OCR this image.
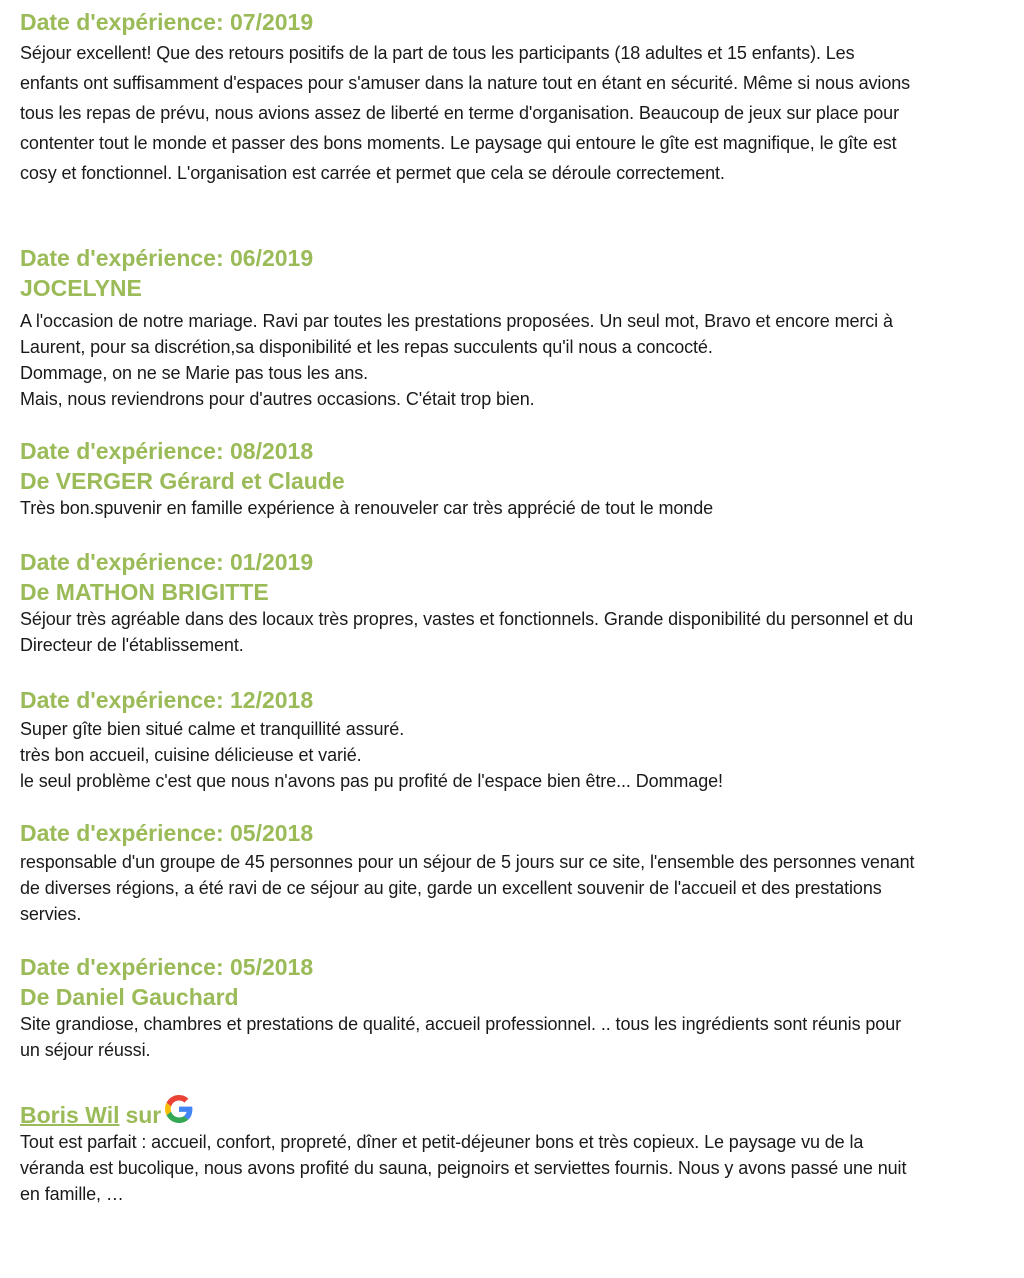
Date d'expérience: 07/2019
Séjour excellent! Que des retours positifs de la part de tous les participants (18 adultes et 15 enfants). Les
enfants ont suffisamment d'espaces pour s'amuser dans la nature tout en étant en sécurité. Même si nous avions
tous les repas de prévu, nous avions assez de liberté en terme d'organisation. Beaucoup de jeux sur place pour
contenter tout le monde et passer des bons moments. Le paysage qui entoure le gîte est magnifique, le gîte est
cosy et fonctionnel. L'organisation est carrée et permet que cela se déroule correctement.
Date d'expérience: 06/2019
JOCELYNE
A l'occasion de notre mariage. Ravi par toutes les prestations proposées. Un seul mot, Bravo et encore merci à
Laurent, pour sa discrétion,sa disponibilité et les repas succulents qu'il nous a concocté.
Dommage, on ne se Marie pas tous les ans.
Mais, nous reviendrons pour d'autres occasions. C'était trop bien.
Date d'expérience: 08/2018
De VERGER Gérard et Claude
Très bon.spuvenir en famille expérience à renouveler car très apprécié de tout le monde
Date d'expérience: 01/2019
De MATHON BRIGITTE
Séjour très agréable dans des locaux très propres, vastes et fonctionnels. Grande disponibilité du personnel et du
Directeur de l'établissement.
Date d'expérience: 12/2018
Super gîte bien situé calme et tranquillité assuré.
très bon accueil, cuisine délicieuse et varié.
le seul problème c'est que nous n'avons pas pu profité de l'espace bien être... Dommage!
Date d'expérience: 05/2018
responsable d'un groupe de 45 personnes pour un séjour de 5 jours sur ce site, l'ensemble des personnes venant
de diverses régions, a été ravi de ce séjour au gite, garde un excellent souvenir de l'accueil et des prestations
servies.
Date d'expérience: 05/2018
De Daniel Gauchard
Site grandiose, chambres et prestations de qualité, accueil professionnel. .. tous les ingrédients sont réunis pour
un séjour réussi.
Boris Wil sur
Tout est parfait : accueil, confort, propreté, dîner et petit-déjeuner bons et très copieux. Le paysage vu de la
véranda est bucolique, nous avons profité du sauna, peignoirs et serviettes fournis. Nous y avons passé une nuit
en famille, …
